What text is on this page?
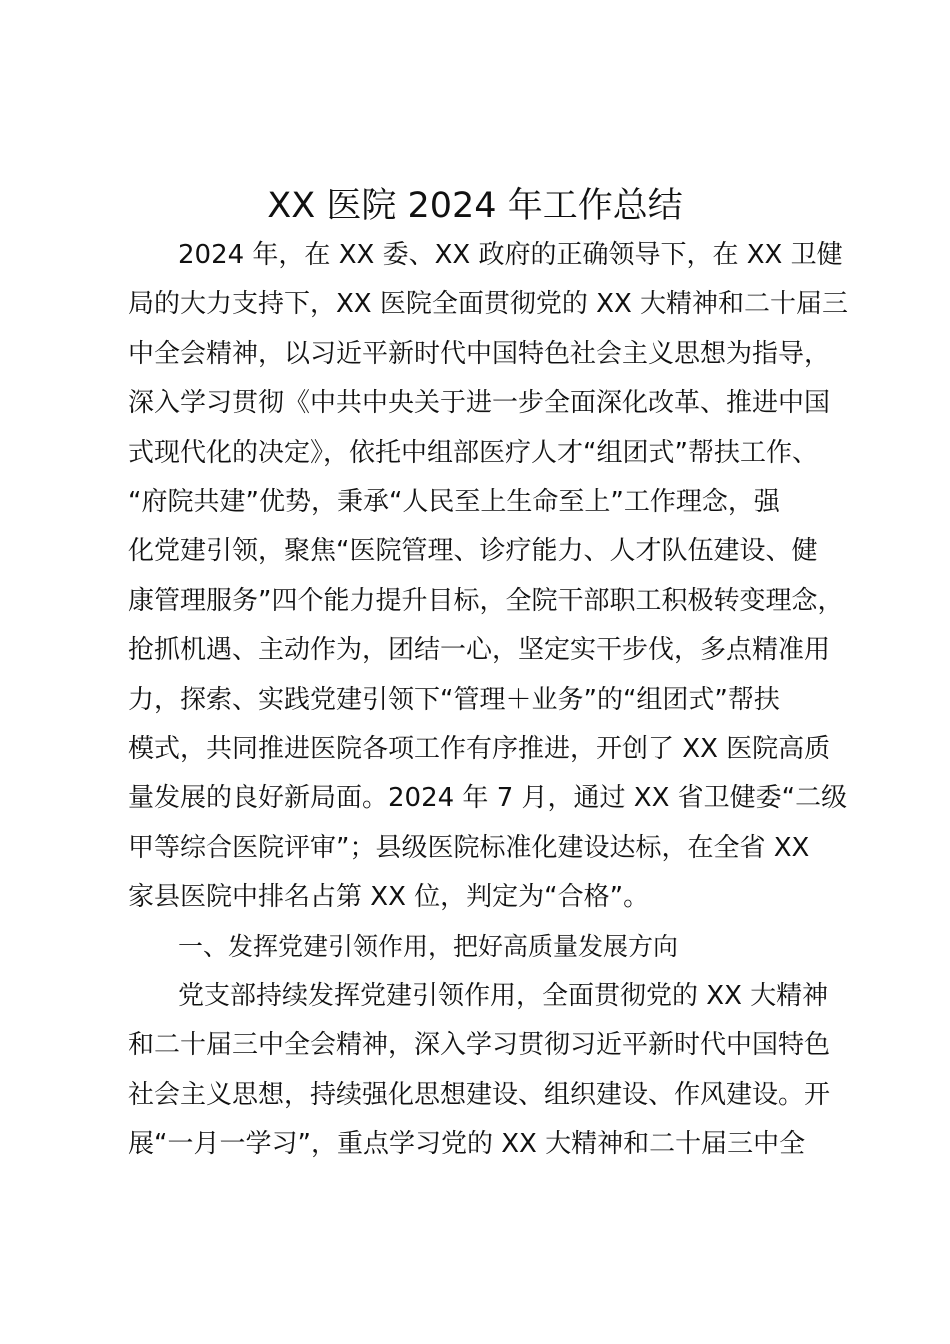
XX 医院 2024 年工作总结
2024 年，在 XX 委、XX 政府的正确领导下，在 XX 卫健
局的大力支持下，XX 医院全面贯彻党的 XX 大精神和二十届三
中全会精神，以习近平新时代中国特色社会主义思想为指导，
深入学习贯彻《中共中央关于进一步全面深化改革、推进中国
式现代化的决定》，依托中组部医疗人才“组团式”帮扶工作、
“府院共建”优势，秉承“人民至上生命至上”工作理念，强
化党建引领，聚焦“医院管理、诊疗能力、人才队伍建设、健
康管理服务”四个能力提升目标，全院干部职工积极转变理念，
抢抓机遇、主动作为，团结一心，坚定实干步伐，多点精准用
力，探索、实践党建引领下“管理＋业务”的“组团式”帮扶
模式，共同推进医院各项工作有序推进，开创了 XX 医院高质
量发展的良好新局面。2024 年 7 月，通过 XX 省卫健委“二级
甲等综合医院评审”；县级医院标准化建设达标，在全省 XX
家县医院中排名占第 XX 位，判定为“合格”。
一、发挥党建引领作用，把好高质量发展方向
党支部持续发挥党建引领作用，全面贯彻党的 XX 大精神
和二十届三中全会精神，深入学习贯彻习近平新时代中国特色
社会主义思想，持续强化思想建设、组织建设、作风建设。开
展“一月一学习”，重点学习党的 XX 大精神和二十届三中全
